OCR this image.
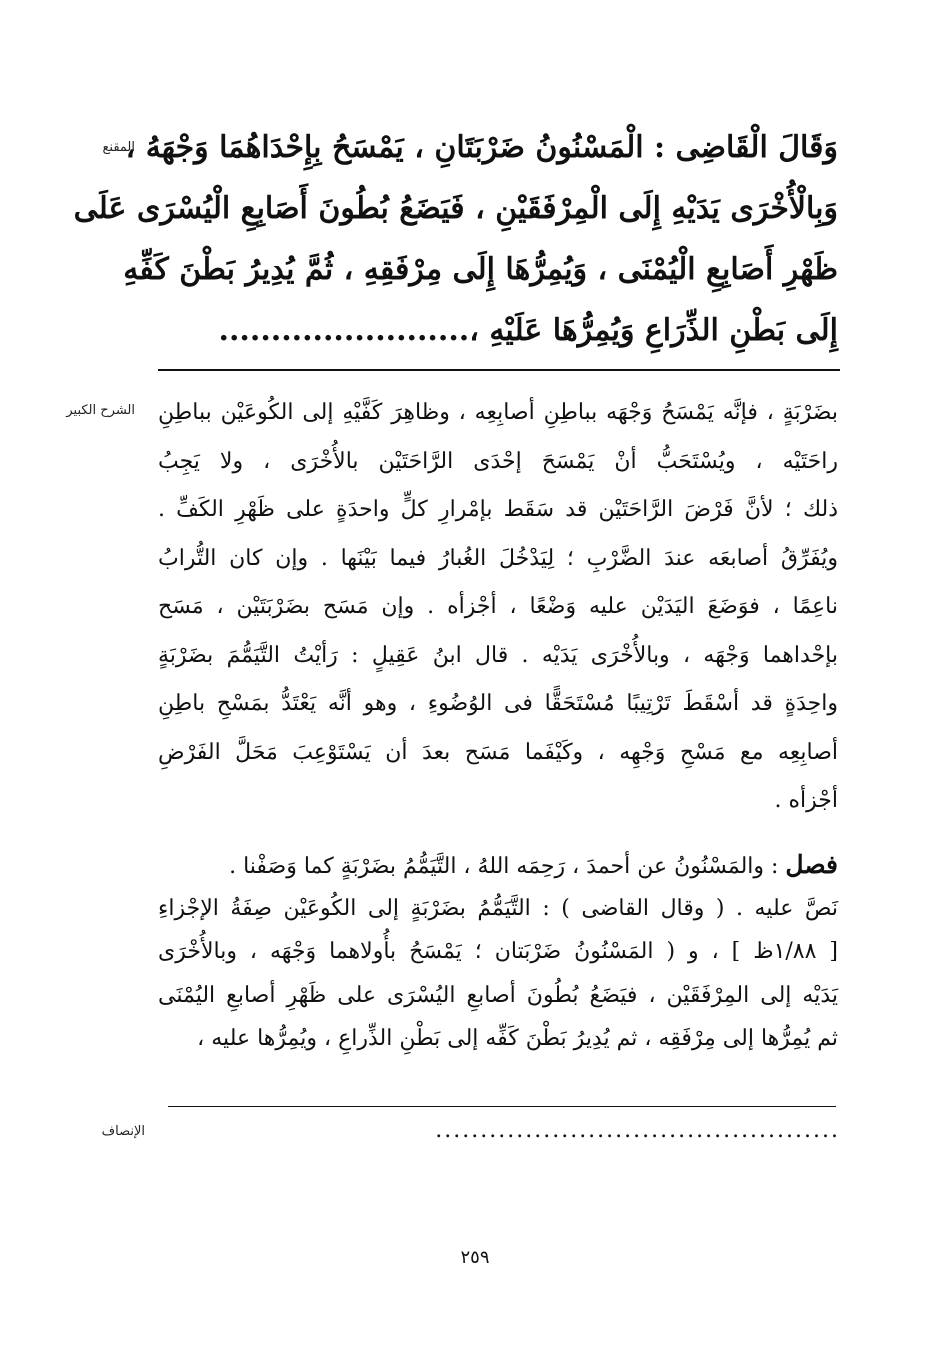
المقنع
وَقَالَ الْقَاضِى : الْمَسْنُونُ ضَرْبَتَانِ ، يَمْسَحُ بِإِحْدَاهُمَا وَجْهَهُ ،
وَبِالْأُخْرَى يَدَيْهِ إِلَى الْمِرْفَقَيْنِ ، فَيَضَعُ بُطُونَ أَصَابِعِ الْيُسْرَى عَلَى
ظَهْرِ أَصَابِعِ الْيُمْنَى ، وَيُمِرُّهَا إِلَى مِرْفَقِهِ ، ثُمَّ يُدِيرُ بَطْنَ كَفِّهِ
إِلَى بَطْنِ الذِّرَاعِ وَيُمِرُّهَا عَلَيْهِ ،........................
الشرح الكبير بضَرْبَةٍ ، فإنَّه يَمْسَحُ وَجْهَه بباطِنِ أصابِعِه ، وظاهِرَ كَفَّيْهِ إلى الكُوعَيْن بباطِنِ
راحَتَيْه ، ويُسْتَحَبُّ أنْ يَمْسَحَ إحْدَى الرَّاحَتَيْن بالأُخْرَى ، ولا يَجِبُ
ذلك ؛ لأنَّ فَرْضَ الرَّاحَتَيْن قد سَقَط بإمْرارِ كلٍّ واحدَةٍ على ظَهْرِ الكَفِّ .
ويُفَرِّقُ أصابعَه عندَ الضَّرْبِ ؛ لِيَدْخُلَ الغُبارُ فيما بَيْنَها . وإن كان التُّرابُ
ناعِمًا ، فوَضَعَ اليَدَيْن عليه وَضْعًا ، أجْزأه . وإن مَسَح بضَرْبَتَيْن ، مَسَح
بإحْداهما وَجْهَه ، وبالأُخْرَى يَدَيْه . قال ابنُ عَقِيلٍ : رَأيْتُ التَّيَمُّمَ بضَرْبَةٍ
واحِدَةٍ قد أسْقَطَ تَرْتِيبًا مُسْتَحَقًّا فى الوُضُوءِ ، وهو أنَّه يَعْتَدُّ بمَسْحِ باطِنِ
أصابِعِه مع مَسْحِ وَجْهِه ، وكَيْفَما مَسَح بعدَ أن يَسْتَوْعِبَ مَحَلَّ الفَرْضِ
أجْزأه .
فصل : والمَسْنُونُ عن أحمدَ ، رَحِمَه اللهُ ، التَّيَمُّمُ بضَرْبَةٍ كما وَصَفْنا .
نَصَّ عليه . ( وقال القاضى ) : التَّيَمُّمُ بضَرْبَةٍ إلى الكُوعَيْن صِفَةُ الإجْزاءِ
[ ١/٨٨ظ ] ، و ( المَسْنُونُ ضَرْبَتان ؛ يَمْسَحُ بأُولاهما وَجْهَه ، وبالأُخْرَى
يَدَيْه إلى المِرْفَقَيْن ، فيَضَعُ بُطُونَ أصابعِ اليُسْرَى على ظَهْرِ أصابعِ اليُمْنَى
ثم يُمِرُّها إلى مِرْفَقِه ، ثم يُدِيرُ بَطْنَ كَفِّه إلى بَطْنِ الذِّراعِ ، ويُمِرُّها عليه ،
الإنصاف	.............................................
٢٥٩
